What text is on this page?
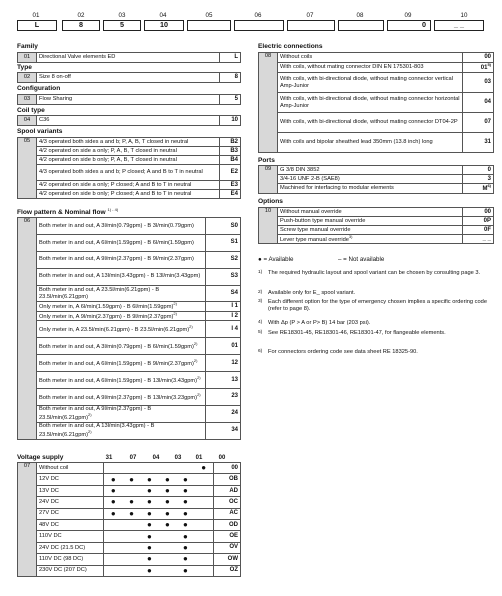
01	02	03	04	05	06	07	08	09	10
L	8	5	10	0	_ _
Family
01	Directional Valve elements ED	L
Type
02	Size 8 on-off	8
Configuration
03	Flow Sharing	5
Coil type
04	C36	10
Spool variants
05	4/3 operated both sides a and b; P, A, B, T closed in neutral	B2
	4/2 operated on side a only; P, A, B, T closed in neutral	B3
	4/2 operated on side b only; P, A, B, T closed in neutral	B4
	4/3 operated both sides a and b; P closed; A and B to T in neutral	E2
	4/2 operated on side a only; P closed; A and B to T in neutral	E3
	4/2 operated on side b only; P closed; A and B to T in neutral	E4
Flow pattern & Nominal flow $^{1) - 4)}$
06	Both meter in and out, A 3l/min(0.79gpm) - B 3l/min(0.79gpm)	S0
	Both meter in and out, A 6l/min(1.59gpm) - B 6l/min(1.59gpm)	S1
	Both meter in and out, A 9l/min(2.37gpm) - B 9l/min(2.37gpm)	S2
	Both meter in and out, A 13l/min(3.43gpm) - B 13l/min(3.43gpm)	S3
	Both meter in and out, A 23.5l/min(6.21gpm) - B 23.5l/min(6.21gpm)	S4
	Only meter in, A 6l/min(1.59gpm) - B $6l/\min(1.59gpm)^{2)}$	I 1
	Only meter in, A 9l/min(2.37gpm) - B $9l/\min(2.37gpm)^{2)}$	I 2
	Only meter in, A 23.5l/min(6.21gpm) - B $23.5l/\min(6.21gpm)^{2)}$	I 4
	Both meter in and out, A 3l/min(0.79gpm) - B $6l/\min(1.59gpm)^{2)}$	01
	Both meter in and out, A 6l/min(1.59gpm) - B $9l/\min(2.37gpm)^{2)}$	12
	Both meter in and out, A 6l/min(1.59gpm) - B $13l/\min(3.43gpm)^{2)}$	13
	Both meter in and out, A 9l/min(2.37gpm) - B $13l/\min(3.23gpm)^{2)}$	23
	Both meter in and out, A 9l/min(2.37gpm) - B $23.5l/\min(6.21gpm)^{2)}$	24
	Both meter in and out, A 13l/min(3.43gpm) - B $23.5l/\min(6.21gpm)^{2)}$	34
Voltage supply
07	Without coil						●	00
	12V DC	●	●	●	●	●		OB
	13V DC	●		●	●	●		AD
	24V DC	●	●	●	●	●		OC
	27V DC	●	●	●	●	●		AC
	48V DC			●	●	●		OD
	110V DC			●		●		OE
	24V DC (21.5 DC)			●		●		OV
	110V DC (98 DC)			●		●		OW
	230V DC (207 DC)			●		●		OZ
Electric connections
08	Without coils	00
	With coils, without mating connector DIN EN 175301-803	01$^{5)}$
	With coils, with bi-directional diode, without mating connector vertical Amp-Junior	03
	With coils, with bi-directional diode, without mating connector horizontal Amp-Junior	04
	With coils, with bi-directional diode, without mating connector DT04-2P	07
	With coils and bipolar sheathed lead 350mm (13.8 inch) long	31
Ports
09	G 3/8 DIN 3852	0
	3/4-16 UNF 2-B (SAE8)	3
	Machined for interfacing to modular elements	$M^{6)}$
Options
10	Without manual override	00
	Push-button type manual override	0P
	Screw type manual override	0F
	Lever type manual override$^{3)}$	_ _
● = Available	– = Not available
1) The required hydraulic layout and spool variant can be chosen by consulting page 3.
2) Available only for E_ spool variant.
3) Each different option for the type of emergency chosen implies a specific ordering code (refer to page 8).
4) With Δp (P > A or P> B) 14 bar (203 psi).
5) See RE18301-45, RE18301-46, RE18301-47, for flangeable elements.
6) For connectors ordering code see data sheet RE 18325-90.
31	07	04	03	01	00
